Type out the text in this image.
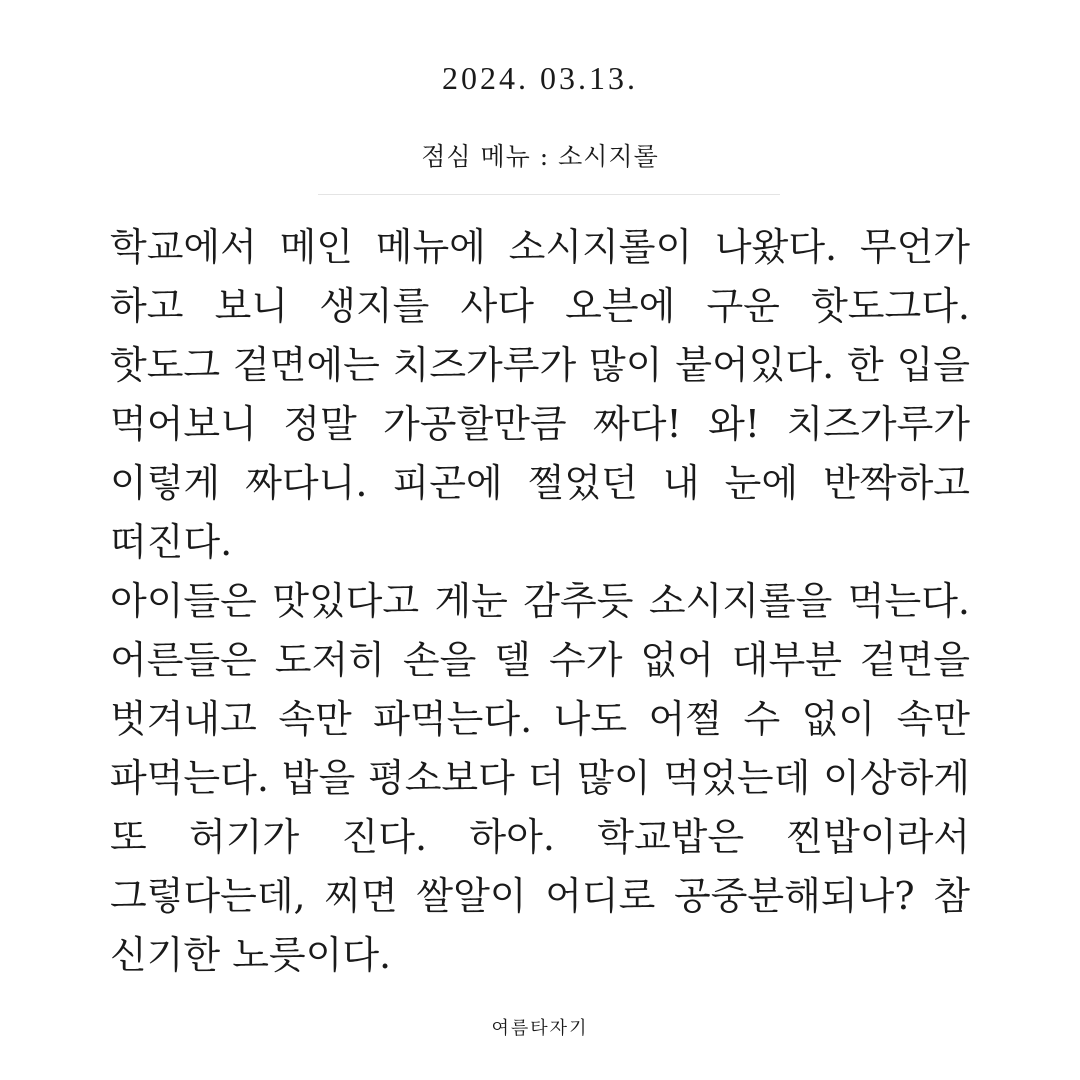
2024. 03.13.
점심 메뉴 : 소시지롤

학교에서 메인 메뉴에 소시지롤이 나왔다. 무언가 하고 보니 생지를 사다 오븐에 구운 핫도그다. 핫도그 겉면에는 치즈가루가 많이 붙어있다. 한 입을 먹어보니 정말 가공할만큼 짜다! 와! 치즈가루가 이렇게 짜다니. 피곤에 쩔었던 내 눈에 반짝하고 떠진다.

아이들은 맛있다고 게눈 감추듯 소시지롤을 먹는다. 어른들은 도저히 손을 델 수가 없어 대부분 겉면을 벗겨내고 속만 파먹는다. 나도 어쩔 수 없이 속만 파먹는다. 밥을 평소보다 더 많이 먹었는데 이상하게 또 허기가 진다. 하아. 학교밥은 찐밥이라서 그렇다는데, 찌면 쌀알이 어디로 공중분해되나? 참 신기한 노릇이다.

여름타자기
